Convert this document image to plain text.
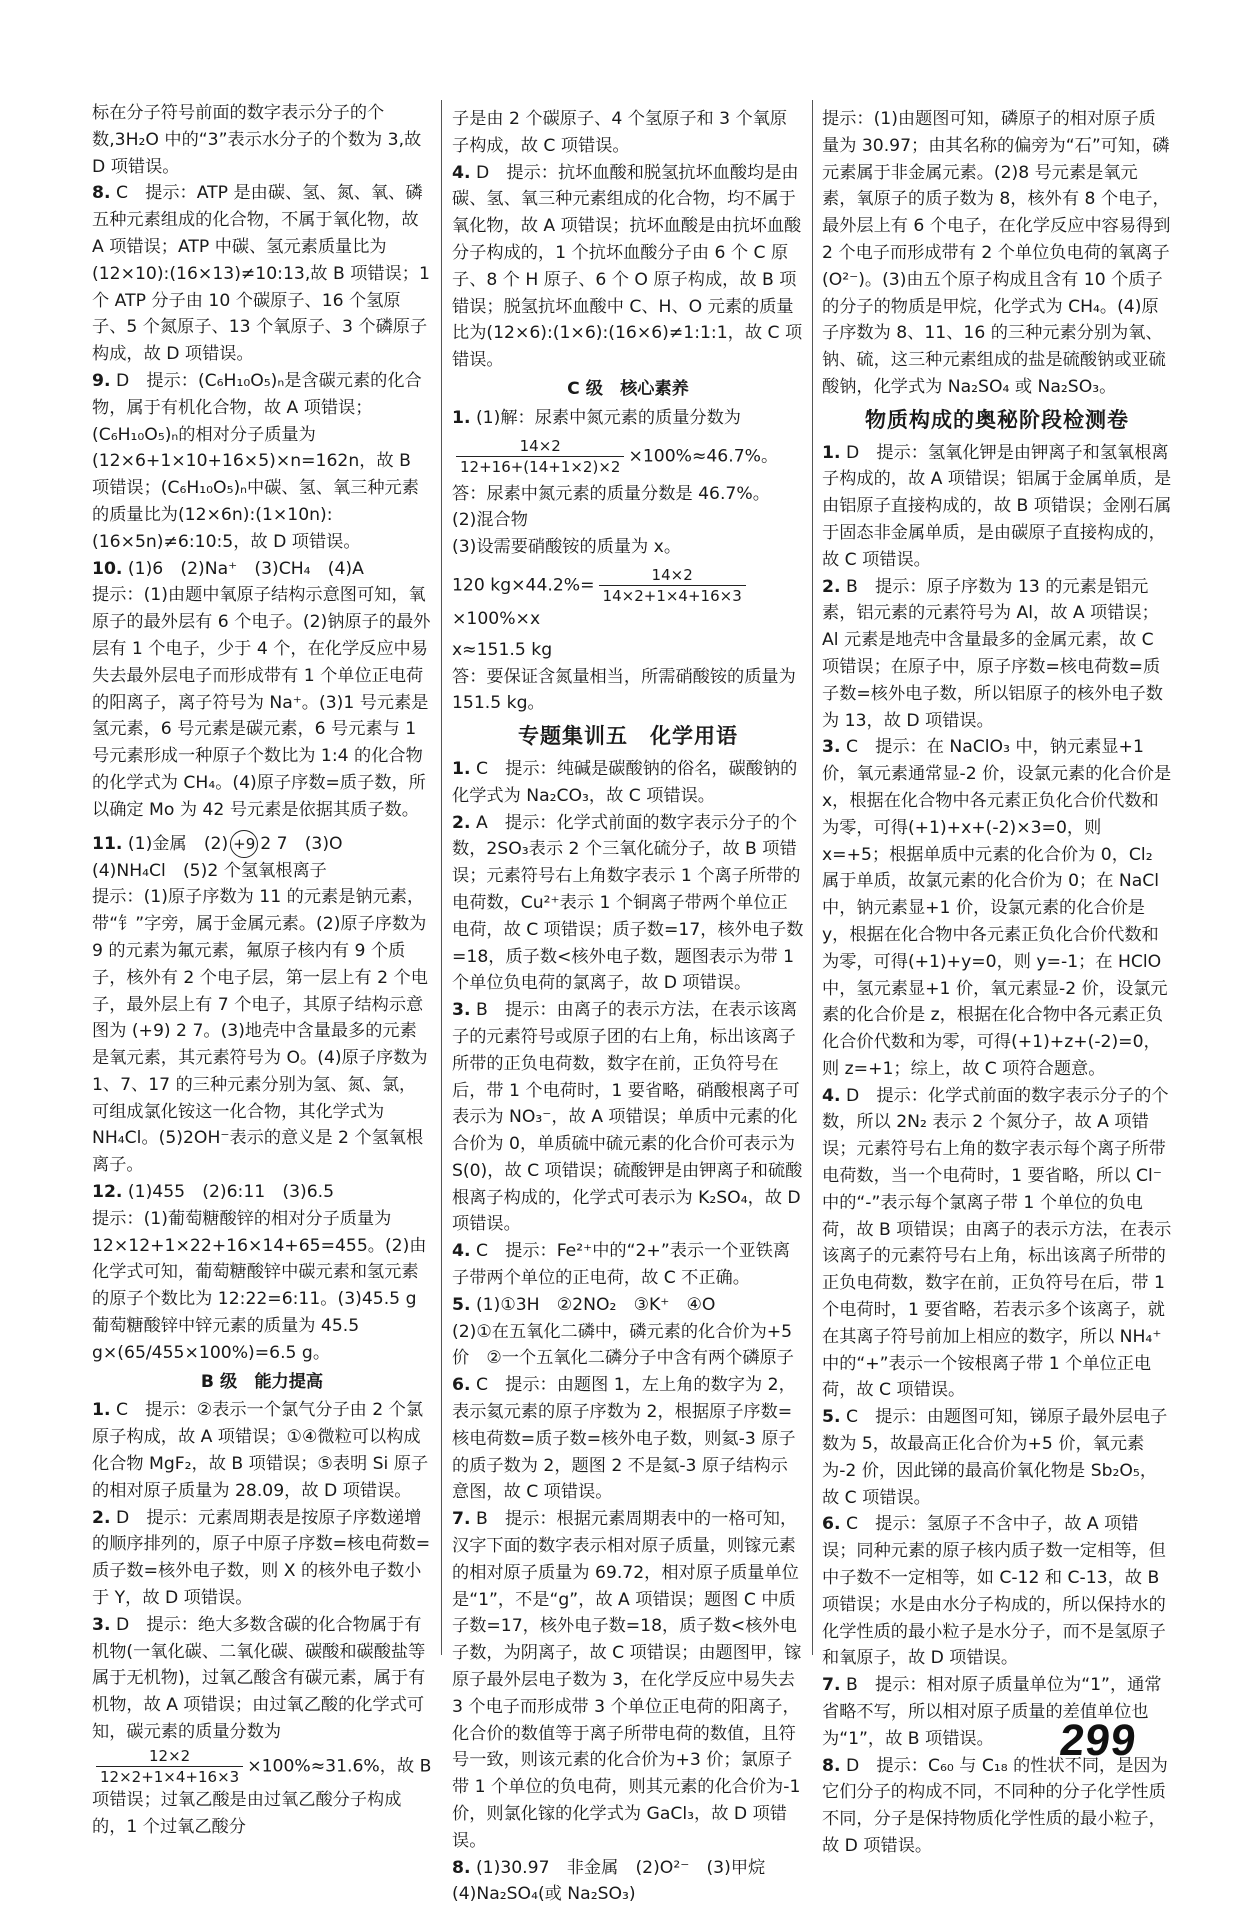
标在分子符号前面的数字表示分子的个数,3H₂O 中的“3”表示水分子的个数为 3,故 D 项错误。

8. C　提示：ATP 是由碳、氢、氮、氧、磷五种元素组成的化合物，不属于氧化物，故 A 项错误；ATP 中碳、氢元素质量比为(12×10):(16×13)≠10:13,故 B 项错误；1 个 ATP 分子由 10 个碳原子、16 个氢原子、5 个氮原子、13 个氧原子、3 个磷原子构成，故 D 项错误。

9. D　提示：(C₆H₁₀O₅)ₙ是含碳元素的化合物，属于有机化合物，故 A 项错误；(C₆H₁₀O₅)ₙ的相对分子质量为(12×6+1×10+16×5)×n=162n，故 B 项错误；(C₆H₁₀O₅)ₙ中碳、氢、氧三种元素的质量比为(12×6n):(1×10n):(16×5n)≠6:10:5，故 D 项错误。

10. (1)6　(2)Na⁺　(3)CH₄　(4)A

提示：(1)由题中氧原子结构示意图可知，氧原子的最外层有 6 个电子。(2)钠原子的最外层有 1 个电子，少于 4 个，在化学反应中易失去最外层电子而形成带有 1 个单位正电荷的阳离子，离子符号为 Na⁺。(3)1 号元素是氢元素，6 号元素是碳元素，6 号元素与 1 号元素形成一种原子个数比为 1:4 的化合物的化学式为 CH₄。(4)原子序数=质子数，所以确定 Mo 为 42 号元素是依据其质子数。

11. (1)金属　(2) +9 2 7　(3)O

(4)NH₄Cl　(5)2 个氢氧根离子

提示：(1)原子序数为 11 的元素是钠元素，带“钅”字旁，属于金属元素。(2)原子序数为 9 的元素为氟元素，氟原子核内有 9 个质子，核外有 2 个电子层，第一层上有 2 个电子，最外层上有 7 个电子，其原子结构示意图为 (+9) 2 7。(3)地壳中含量最多的元素是氧元素，其元素符号为 O。(4)原子序数为 1、7、17 的三种元素分别为氢、氮、氯，可组成氯化铵这一化合物，其化学式为 NH₄Cl。(5)2OH⁻表示的意义是 2 个氢氧根离子。

12. (1)455　(2)6:11　(3)6.5

提示：(1)葡萄糖酸锌的相对分子质量为 12×12+1×22+16×14+65=455。(2)由化学式可知，葡萄糖酸锌中碳元素和氢元素的原子个数比为 12:22=6:11。(3)45.5 g 葡萄糖酸锌中锌元素的质量为 45.5 g×(65/455×100%)=6.5 g。

B 级　能力提高

1. C　提示：②表示一个氯气分子由 2 个氯原子构成，故 A 项错误；①④微粒可以构成化合物 MgF₂，故 B 项错误；⑤表明 Si 原子的相对原子质量为 28.09，故 D 项错误。

2. D　提示：元素周期表是按原子序数递增的顺序排列的，原子中原子序数=核电荷数=质子数=核外电子数，则 X 的核外电子数小于 Y，故 D 项错误。

3. D　提示：绝大多数含碳的化合物属于有机物(一氧化碳、二氧化碳、碳酸和碳酸盐等属于无机物)，过氧乙酸含有碳元素，属于有机物，故 A 项错误；由过氧乙酸的化学式可知，碳元素的质量分数为
$\frac{12\times 2}{12\times 2+1\times 4+16\times 3} \times 100\%\approx 31.6\%$，故 B 项错误；过氧乙酸是由过氧乙酸分子构成的，1 个过氧乙酸分

子是由 2 个碳原子、4 个氢原子和 3 个氧原子构成，故 C 项错误。

4. D　提示：抗坏血酸和脱氢抗坏血酸均是由碳、氢、氧三种元素组成的化合物，均不属于氧化物，故 A 项错误；抗坏血酸是由抗坏血酸分子构成的，1 个抗坏血酸分子由 6 个 C 原子、8 个 H 原子、6 个 O 原子构成，故 B 项错误；脱氢抗坏血酸中 C、H、O 元素的质量比为(12×6):(1×6):(16×6)≠1:1:1，故 C 项错误。

C 级　核心素养

1. (1)解：尿素中氮元素的质量分数为

$\frac{14\times 2}{12+16+(14+1\times 2)\times 2} \times 100\%\approx 46.7\%$。

答：尿素中氮元素的质量分数是 46.7%。

(2)混合物

(3)设需要硝酸铵的质量为 x。

120 $kg\times 44.2\%= \frac{14\times 2}{14\times 2+1\times 4+16\times 3}$
×100%×x

x≈151.5 kg

答：要保证含氮量相当，所需硝酸铵的质量为 151.5 kg。

专题集训五　化学用语

1. C　提示：纯碱是碳酸钠的俗名，碳酸钠的化学式为 Na₂CO₃，故 C 项错误。

2. A　提示：化学式前面的数字表示分子的个数，2SO₃表示 2 个三氧化硫分子，故 B 项错误；元素符号右上角数字表示 1 个离子所带的电荷数，Cu²⁺表示 1 个铜离子带两个单位正电荷，故 C 项错误；质子数=17，核外电子数=18，质子数<核外电子数，题图表示为带 1 个单位负电荷的氯离子，故 D 项错误。

3. B　提示：由离子的表示方法，在表示该离子的元素符号或原子团的右上角，标出该离子所带的正负电荷数，数字在前，正负符号在后，带 1 个电荷时，1 要省略，硝酸根离子可表示为 NO₃⁻，故 A 项错误；单质中元素的化合价为 0，单质硫中硫元素的化合价可表示为 S(0)，故 C 项错误；硫酸钾是由钾离子和硫酸根离子构成的，化学式可表示为 K₂SO₄，故 D 项错误。

4. C　提示：Fe²⁺中的“2+”表示一个亚铁离子带两个单位的正电荷，故 C 不正确。

5. (1)①3H　②2NO₂　③K⁺　④O

(2)①在五氧化二磷中，磷元素的化合价为+5 价　②一个五氧化二磷分子中含有两个磷原子

6. C　提示：由题图 1，左上角的数字为 2，表示氦元素的原子序数为 2，根据原子序数=核电荷数=质子数=核外电子数，则氦-3 原子的质子数为 2，题图 2 不是氦-3 原子结构示意图，故 C 项错误。

7. B　提示：根据元素周期表中的一格可知，汉字下面的数字表示相对原子质量，则镓元素的相对原子质量为 69.72，相对原子质量单位是“1”，不是“g”，故 A 项错误；题图 C 中质子数=17，核外电子数=18，质子数<核外电子数，为阴离子，故 C 项错误；由题图甲，镓原子最外层电子数为 3，在化学反应中易失去 3 个电子而形成带 3 个单位正电荷的阳离子，化合价的数值等于离子所带电荷的数值，且符号一致，则该元素的化合价为+3 价；氯原子带 1 个单位的负电荷，则其元素的化合价为-1 价，则氯化镓的化学式为 GaCl₃，故 D 项错误。

8. (1)30.97　非金属　(2)O²⁻　(3)甲烷

(4)Na₂SO₄(或 Na₂SO₃)

提示：(1)由题图可知，磷原子的相对原子质量为 30.97；由其名称的偏旁为“石”可知，磷元素属于非金属元素。(2)8 号元素是氧元素，氧原子的质子数为 8，核外有 8 个电子，最外层上有 6 个电子，在化学反应中容易得到 2 个电子而形成带有 2 个单位负电荷的氧离子(O²⁻)。(3)由五个原子构成且含有 10 个质子的分子的物质是甲烷，化学式为 CH₄。(4)原子序数为 8、11、16 的三种元素分别为氧、钠、硫，这三种元素组成的盐是硫酸钠或亚硫酸钠，化学式为 Na₂SO₄ 或 Na₂SO₃。

物质构成的奥秘阶段检测卷

1. D　提示：氢氧化钾是由钾离子和氢氧根离子构成的，故 A 项错误；铝属于金属单质，是由铝原子直接构成的，故 B 项错误；金刚石属于固态非金属单质，是由碳原子直接构成的，故 C 项错误。

2. B　提示：原子序数为 13 的元素是铝元素，铝元素的元素符号为 Al，故 A 项错误；Al 元素是地壳中含量最多的金属元素，故 C 项错误；在原子中，原子序数=核电荷数=质子数=核外电子数，所以铝原子的核外电子数为 13，故 D 项错误。

3. C　提示：在 NaClO₃ 中，钠元素显+1 价，氧元素通常显-2 价，设氯元素的化合价是 x，根据在化合物中各元素正负化合价代数和为零，可得(+1)+x+(-2)×3=0，则 x=+5；根据单质中元素的化合价为 0，Cl₂ 属于单质，故氯元素的化合价为 0；在 NaCl 中，钠元素显+1 价，设氯元素的化合价是 y，根据在化合物中各元素正负化合价代数和为零，可得(+1)+y=0，则 y=-1；在 HClO 中，氢元素显+1 价，氧元素显-2 价，设氯元素的化合价是 z，根据在化合物中各元素正负化合价代数和为零，可得(+1)+z+(-2)=0，则 z=+1；综上，故 C 项符合题意。

4. D　提示：化学式前面的数字表示分子的个数，所以 2N₂ 表示 2 个氮分子，故 A 项错误；元素符号右上角的数字表示每个离子所带电荷数，当一个电荷时，1 要省略，所以 Cl⁻中的“-”表示每个氯离子带 1 个单位的负电荷，故 B 项错误；由离子的表示方法，在表示该离子的元素符号右上角，标出该离子所带的正负电荷数，数字在前，正负符号在后，带 1 个电荷时，1 要省略，若表示多个该离子，就在其离子符号前加上相应的数字，所以 NH₄⁺中的“+”表示一个铵根离子带 1 个单位正电荷，故 C 项错误。

5. C　提示：由题图可知，锑原子最外层电子数为 5，故最高正化合价为+5 价，氧元素为-2 价，因此锑的最高价氧化物是 Sb₂O₅，故 C 项错误。

6. C　提示：氢原子不含中子，故 A 项错误；同种元素的原子核内质子数一定相等，但中子数不一定相等，如 C-12 和 C-13，故 B 项错误；水是由水分子构成的，所以保持水的化学性质的最小粒子是水分子，而不是氢原子和氧原子，故 D 项错误。

7. B　提示：相对原子质量单位为“1”，通常省略不写，所以相对原子质量的差值单位也为“1”，故 B 项错误。

8. D　提示：C₆₀ 与 C₁₈ 的性状不同，是因为它们分子的构成不同，不同种的分子化学性质不同，分子是保持物质化学性质的最小粒子，故 D 项错误。

299
